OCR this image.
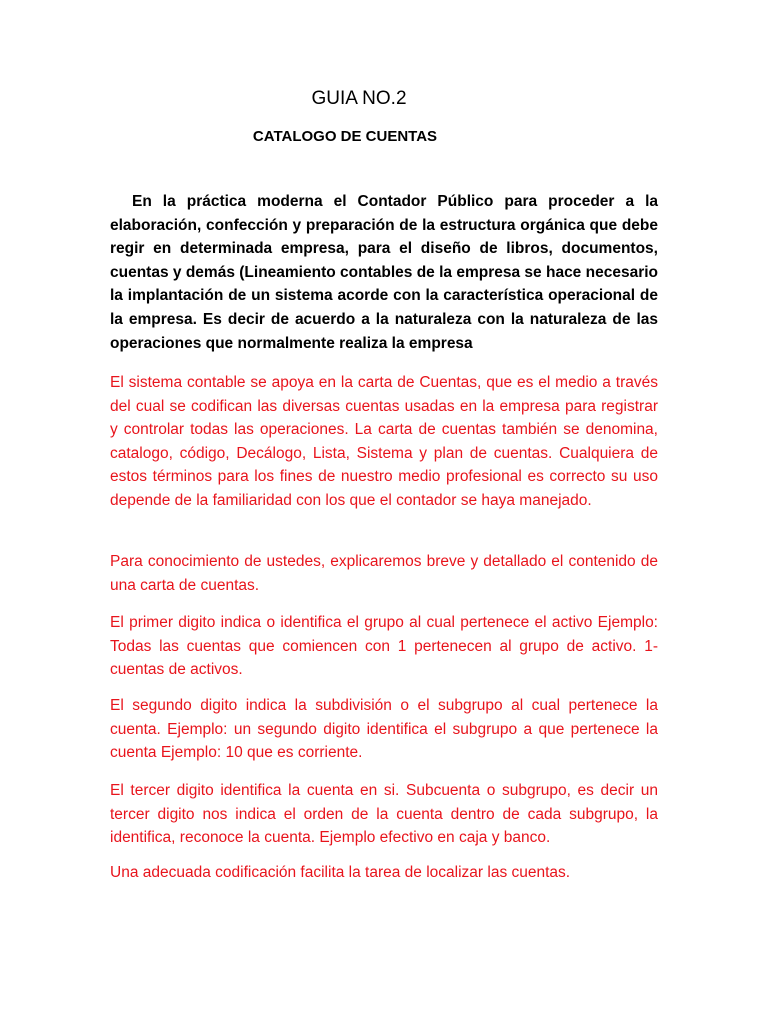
GUIA NO.2
CATALOGO DE CUENTAS

En la práctica moderna el Contador Público para proceder a la elaboración, confección y preparación de la estructura orgánica que debe regir en determinada empresa, para el diseño de libros, documentos, cuentas y demás (Lineamiento contables de la empresa se hace necesario la implantación de un sistema acorde con la característica operacional de la empresa. Es decir de acuerdo a la naturaleza con la naturaleza de las operaciones que normalmente realiza la empresa

El sistema contable se apoya en la carta de Cuentas, que es el medio a través del cual se codifican las diversas cuentas usadas en la empresa para registrar y controlar todas las operaciones. La carta de cuentas también se denomina, catalogo, código, Decálogo, Lista, Sistema y plan de cuentas. Cualquiera de estos términos para los fines de nuestro medio profesional es correcto su uso depende de la familiaridad con los que el contador se haya manejado.

Para conocimiento de ustedes, explicaremos breve y detallado el contenido de una carta de cuentas.

El primer digito indica o identifica el grupo al cual pertenece el activo Ejemplo: Todas las cuentas que comiencen con 1 pertenecen al grupo de activo. 1- cuentas de activos.

El segundo digito indica la subdivisión o el subgrupo al cual pertenece la cuenta. Ejemplo: un segundo digito identifica el subgrupo a que pertenece la cuenta Ejemplo: 10 que es corriente.

El tercer digito identifica la cuenta en si. Subcuenta o subgrupo, es decir un tercer digito nos indica el orden de la cuenta dentro de cada subgrupo, la identifica, reconoce la cuenta. Ejemplo efectivo en caja y banco.

Una adecuada codificación facilita la tarea de localizar las cuentas.
